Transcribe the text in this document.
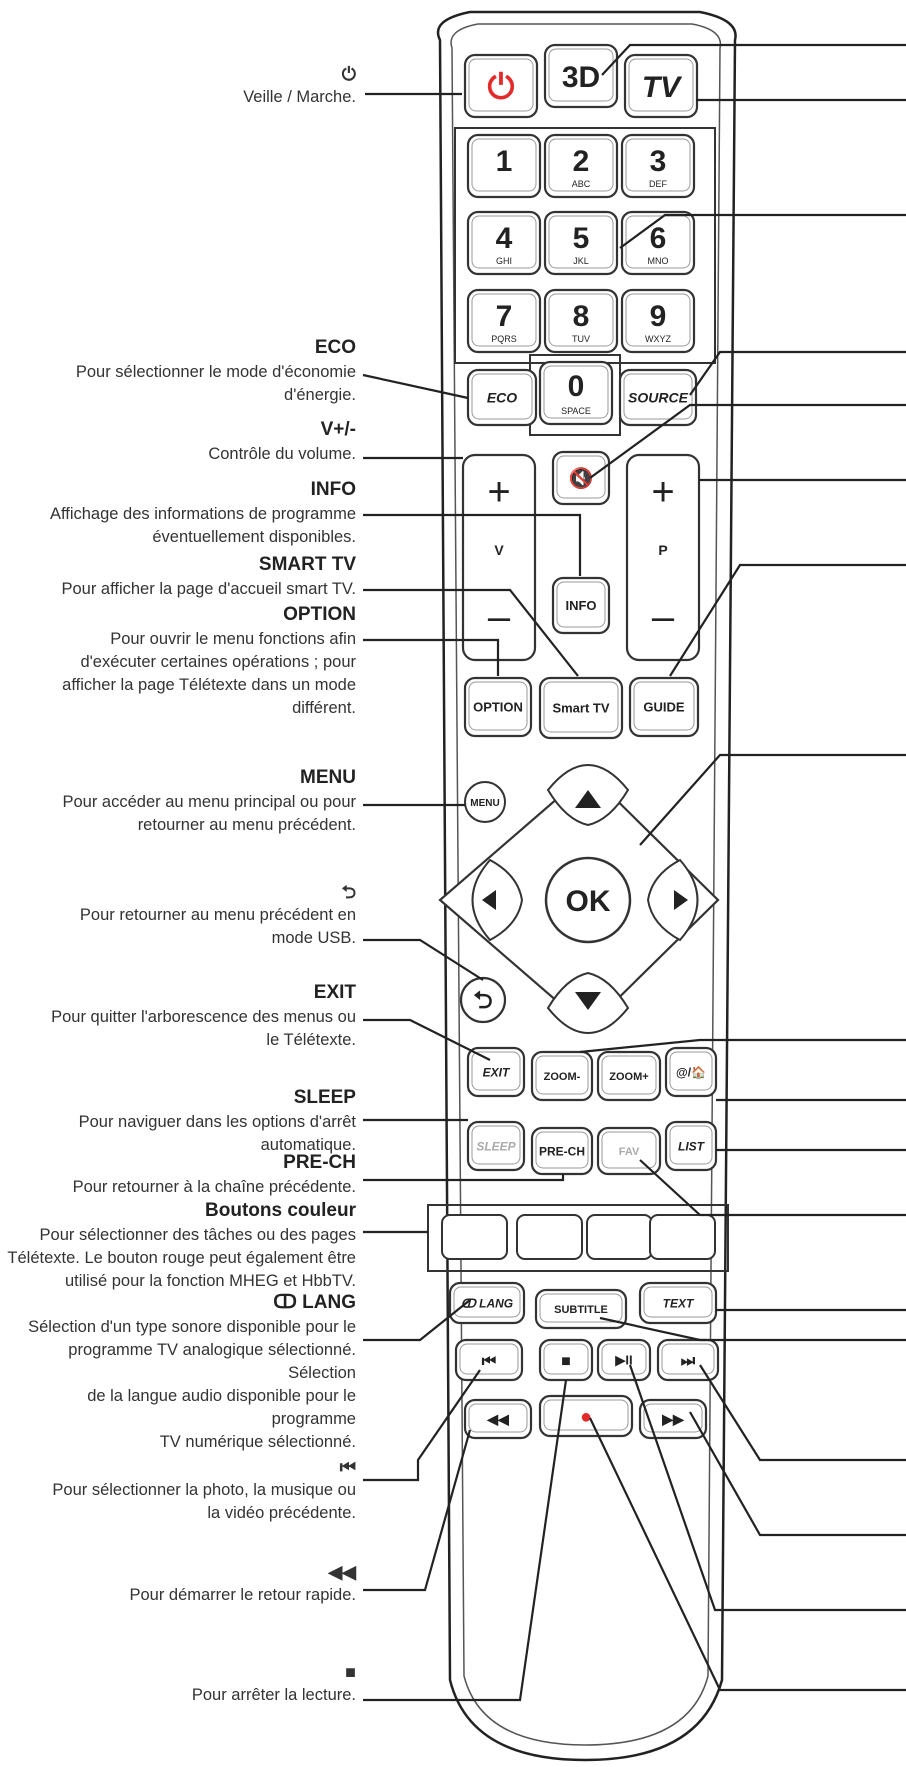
⏻ 3D TV
1 2
ABC
3
DEF
4
GHI
5
JKL
6
MNO
7
PQRS
8
TUV
9
WXYZ
0
SPACE
ECO	SOURCE
+
V
–
+
P
–
🔇
INFO
OPTION Smart TV	GUIDE
OK
MENU
⮌
EXIT	ZOOM-	ZOOM+ @/🏠
SLEEP PRE-CH	FAV	LIST
ↀ LANG	SUBTITLE	TEXT
⏮	■	▶II	⏭
◀◀	●	▶▶
⏻
Veille / Marche.
ECO
Pour sélectionner le mode d'économie
d'énergie.
V+/-
Contrôle du volume.
INFO
Affichage des informations de programme
éventuellement disponibles.
SMART TV
Pour afficher la page d'accueil smart TV.
OPTION
Pour ouvrir le menu fonctions afin
d'exécuter certaines opérations ; pour
afficher la page Télétexte dans un mode
différent.
MENU
Pour accéder au menu principal ou pour
retourner au menu précédent.
⮌
Pour retourner au menu précédent en
mode USB.
EXIT
Pour quitter l'arborescence des menus ou
le Télétexte.
SLEEP
Pour naviguer dans les options d'arrêt
automatique.
PRE-CH
Pour retourner à la chaîne précédente.
Boutons couleur
Pour sélectionner des tâches ou des pages
Télétexte. Le bouton rouge peut également être
utilisé pour la fonction MHEG et HbbTV.
ↀ LANG
Sélection d'un type sonore disponible pour le
programme TV analogique sélectionné. Sélection
de la langue audio disponible pour le programme
TV numérique sélectionné.
⏮
Pour sélectionner la photo, la musique ou
la vidéo précédente.
◀◀
Pour démarrer le retour rapide.
■
Pour arrêter la lecture.
